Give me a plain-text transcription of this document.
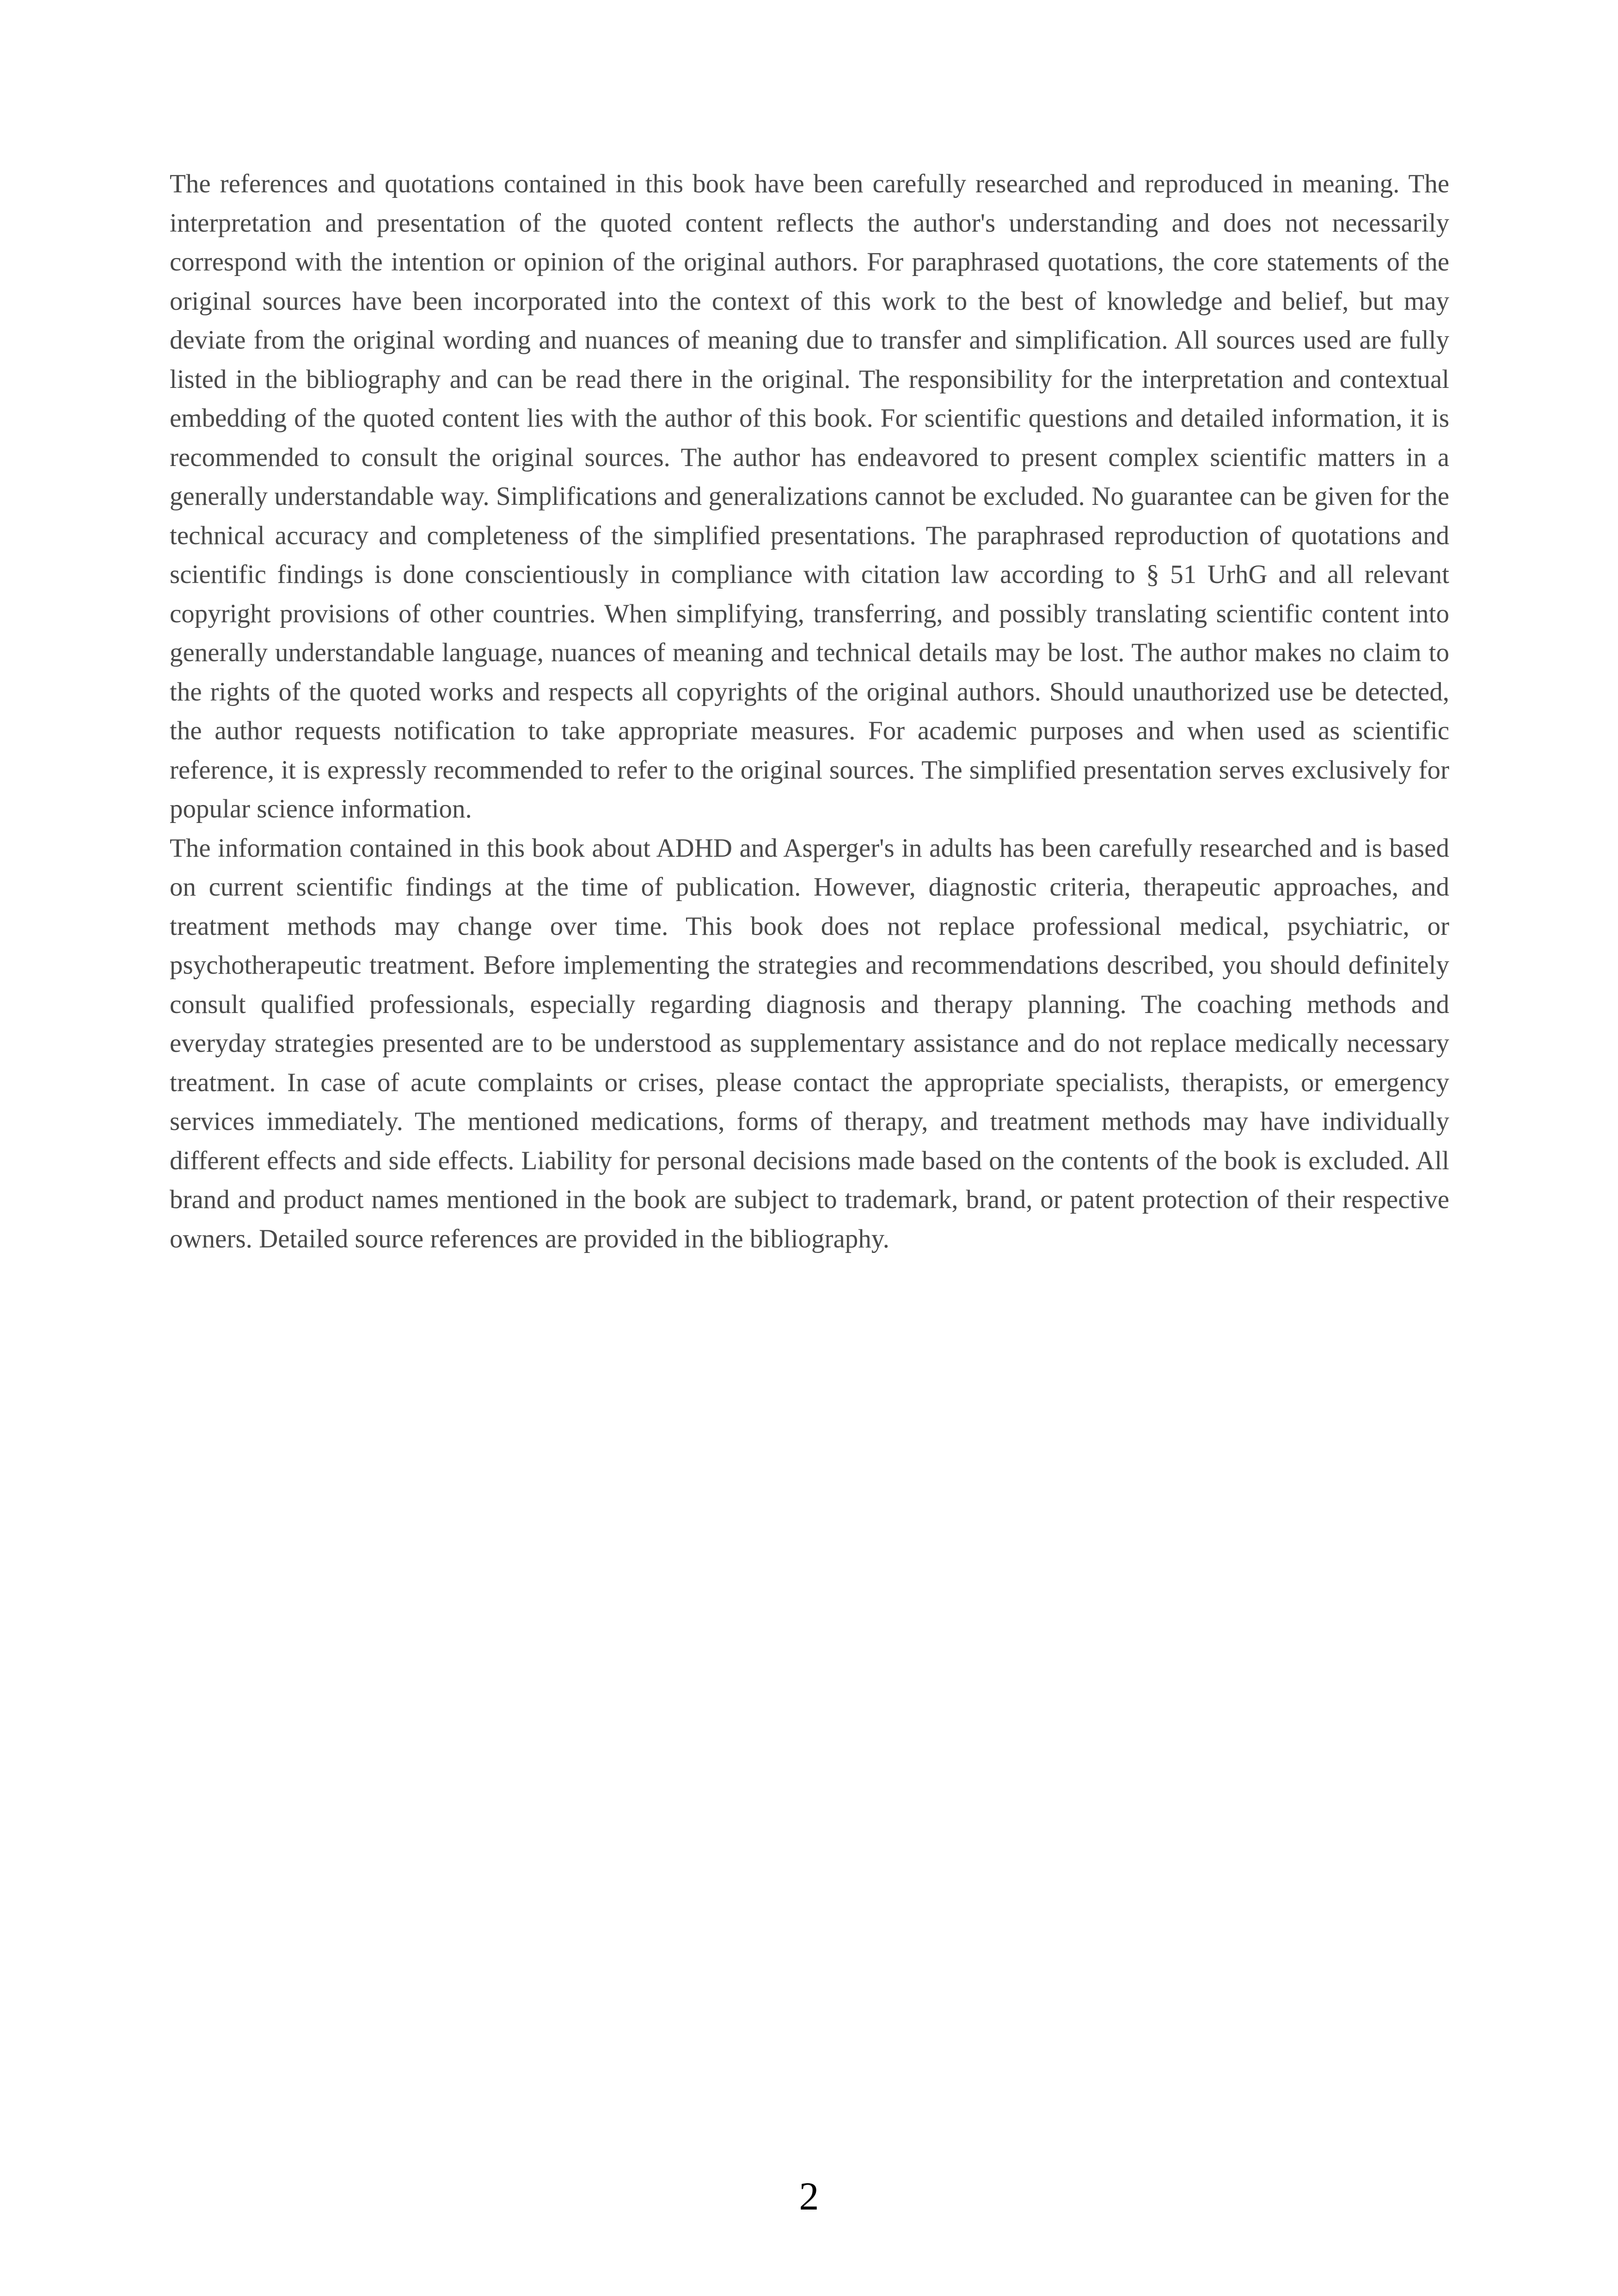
The references and quotations contained in this book have been carefully researched and reproduced in meaning. The interpretation and presentation of the quoted content reflects the author's understanding and does not necessarily correspond with the intention or opinion of the original authors. For paraphrased quotations, the core statements of the original sources have been incorporated into the context of this work to the best of knowledge and belief, but may deviate from the original wording and nuances of meaning due to transfer and simplification. All sources used are fully listed in the bibliography and can be read there in the original. The responsibility for the interpretation and contextual embedding of the quoted content lies with the author of this book. For scientific questions and detailed information, it is recommended to consult the original sources. The author has endeavored to present complex scientific matters in a generally understandable way. Simplifications and generalizations cannot be excluded. No guarantee can be given for the technical accuracy and completeness of the simplified presentations. The paraphrased reproduction of quotations and scientific findings is done conscientiously in compliance with citation law according to § 51 UrhG and all relevant copyright provisions of other countries. When simplifying, transferring, and possibly translating scientific content into generally understandable language, nuances of meaning and technical details may be lost. The author makes no claim to the rights of the quoted works and respects all copyrights of the original authors. Should unauthorized use be detected, the author requests notification to take appropriate measures. For academic purposes and when used as scientific reference, it is expressly recommended to refer to the original sources. The simplified presentation serves exclusively for popular science information.

The information contained in this book about ADHD and Asperger's in adults has been carefully researched and is based on current scientific findings at the time of publication. However, diagnostic criteria, therapeutic approaches, and treatment methods may change over time. This book does not replace professional medical, psychiatric, or psychotherapeutic treatment. Before implementing the strategies and recommendations described, you should definitely consult qualified professionals, especially regarding diagnosis and therapy planning. The coaching methods and everyday strategies presented are to be understood as supplementary assistance and do not replace medically necessary treatment. In case of acute complaints or crises, please contact the appropriate specialists, therapists, or emergency services immediately. The mentioned medications, forms of therapy, and treatment methods may have individually different effects and side effects. Liability for personal decisions made based on the contents of the book is excluded. All brand and product names mentioned in the book are subject to trademark, brand, or patent protection of their respective owners. Detailed source references are provided in the bibliography.

2
